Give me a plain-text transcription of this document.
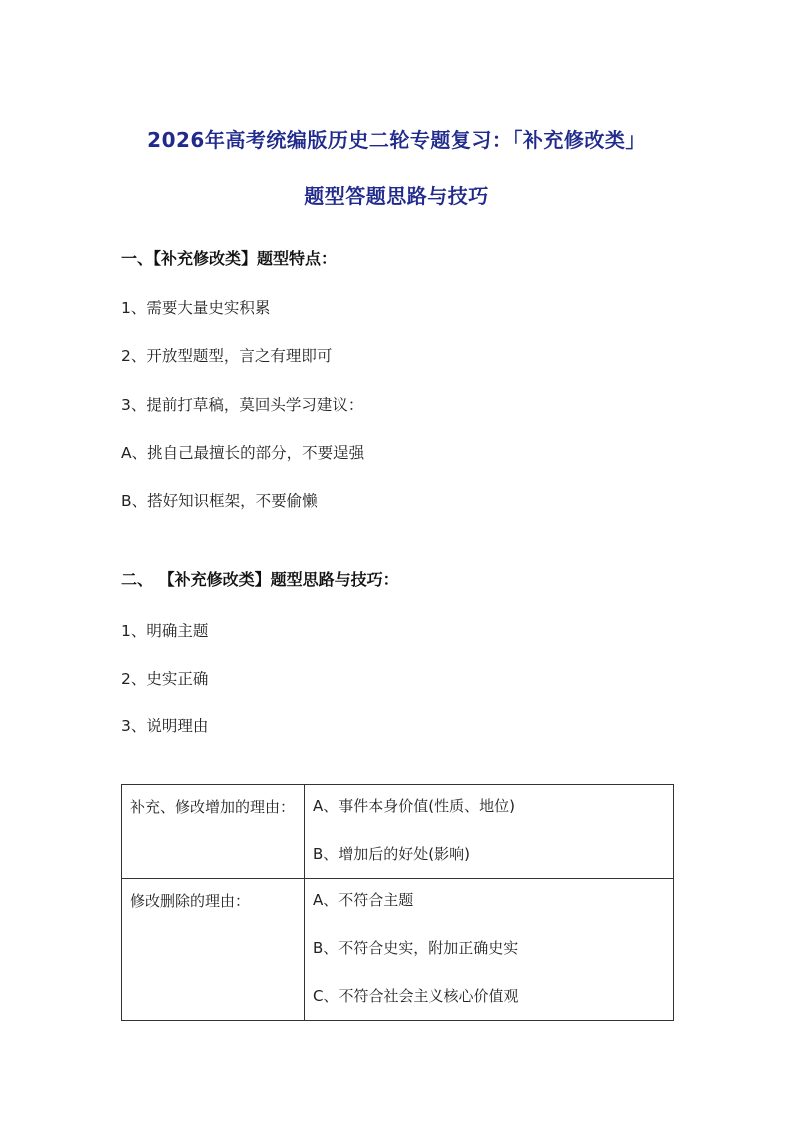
2026年高考统编版历史二轮专题复习：「补充修改类」
题型答题思路与技巧
一、【补充修改类】题型特点：
1、需要大量史实积累
2、开放型题型，言之有理即可
3、提前打草稿，莫回头学习建议：
A、挑自己最擅长的部分，不要逞强
B、搭好知识框架，不要偷懒
二、 【补充修改类】题型思路与技巧：
1、明确主题
2、史实正确
3、说明理由
补充、修改增加的理由：	A、事件本身价值(性质、地位)
B、增加后的好处(影响)

修改删除的理由：	A、不符合主题
B、不符合史实，附加正确史实
C、不符合社会主义核心价值观
